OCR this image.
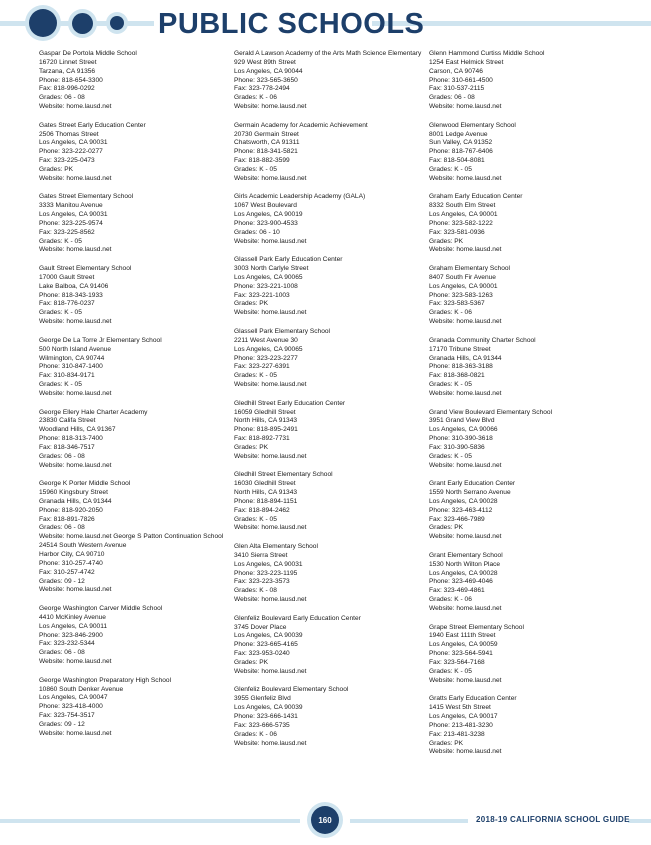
PUBLIC SCHOOLS
Gaspar De Portola Middle School
16720 Linnet Street
Tarzana, CA 91356
Phone: 818-654-3300
Fax: 818-996-0292
Grades: 06 - 08
Website: home.lausd.net
Gates Street Early Education Center
2506 Thomas Street
Los Angeles, CA 90031
Phone: 323-222-0277
Fax: 323-225-0473
Grades: PK
Website: home.lausd.net
Gates Street Elementary School
3333 Manitou Avenue
Los Angeles, CA 90031
Phone: 323-225-9574
Fax: 323-225-8562
Grades: K - 05
Website: home.lausd.net
Gault Street Elementary School
17000 Gault Street
Lake Balboa, CA 91406
Phone: 818-343-1933
Fax: 818-776-0237
Grades: K - 05
Website: home.lausd.net
George De La Torre Jr Elementary School
500 North Island Avenue
Wilmington, CA 90744
Phone: 310-847-1400
Fax: 310-834-9171
Grades: K - 05
Website: home.lausd.net
George Ellery Hale Charter Academy
23830 Califa Street
Woodland Hills, CA 91367
Phone: 818-313-7400
Fax: 818-346-7517
Grades: 06 - 08
Website: home.lausd.net
George K Porter Middle School
15960 Kingsbury Street
Granada Hills, CA 91344
Phone: 818-920-2050
Fax: 818-891-7826
Grades: 06 - 08
Website: home.lausd.net George S Patton Continuation School
24514 South Western Avenue
Harbor City, CA 90710
Phone: 310-257-4740
Fax: 310-257-4742
Grades: 09 - 12
Website: home.lausd.net
George Washington Carver Middle School
4410 McKinley Avenue
Los Angeles, CA 90011
Phone: 323-846-2900
Fax: 323-232-5344
Grades: 06 - 08
Website: home.lausd.net
George Washington Preparatory High School
10860 South Denker Avenue
Los Angeles, CA 90047
Phone: 323-418-4000
Fax: 323-754-3517
Grades: 09 - 12
Website: home.lausd.net
Gerald A Lawson Academy of the Arts Math Science Elementary
929 West 89th Street
Los Angeles, CA 90044
Phone: 323-565-3650
Fax: 323-778-2494
Grades: K - 06
Website: home.lausd.net
Germain Academy for Academic Achievement
20730 Germain Street
Chatsworth, CA 91311
Phone: 818-341-5821
Fax: 818-882-3599
Grades: K - 05
Website: home.lausd.net
Girls Academic Leadership Academy (GALA)
1067 West Boulevard
Los Angeles, CA 90019
Phone: 323-900-4533
Grades: 06 - 10
Website: home.lausd.net
Glassell Park Early Education Center
3003 North Carlyle Street
Los Angeles, CA 90065
Phone: 323-221-1008
Fax: 323-221-1003
Grades: PK
Website: home.lausd.net
Glassell Park Elementary School
2211 West Avenue 30
Los Angeles, CA 90065
Phone: 323-223-2277
Fax: 323-227-6391
Grades: K - 05
Website: home.lausd.net
Gledhill Street Early Education Center
16059 Gledhill Street
North Hills, CA 91343
Phone: 818-895-2491
Fax: 818-892-7731
Grades: PK
Website: home.lausd.net
Gledhill Street Elementary School
16030 Gledhill Street
North Hills, CA 91343
Phone: 818-894-1151
Fax: 818-894-2462
Grades: K - 05
Website: home.lausd.net
Glen Alta Elementary School
3410 Sierra Street
Los Angeles, CA 90031
Phone: 323-223-1195
Fax: 323-223-3573
Grades: K - 08
Website: home.lausd.net
Glenfeliz Boulevard Early Education Center
3745 Dover Place
Los Angeles, CA 90039
Phone: 323-665-4165
Fax: 323-953-0240
Grades: PK
Website: home.lausd.net
Glenfeliz Boulevard Elementary School
3955 Glenfeliz Blvd
Los Angeles, CA 90039
Phone: 323-666-1431
Fax: 323-666-5735
Grades: K - 06
Website: home.lausd.net
Glenn Hammond Curtiss Middle School
1254 East Helmick Street
Carson, CA 90746
Phone: 310-661-4500
Fax: 310-537-2115
Grades: 06 - 08
Website: home.lausd.net
Glenwood Elementary School
8001 Ledge Avenue
Sun Valley, CA 91352
Phone: 818-767-6406
Fax: 818-504-8081
Grades: K - 05
Website: home.lausd.net
Graham Early Education Center
8332 South Elm Street
Los Angeles, CA 90001
Phone: 323-582-1222
Fax: 323-581-0936
Grades: PK
Website: home.lausd.net
Graham Elementary School
8407 South Fir Avenue
Los Angeles, CA 90001
Phone: 323-583-1263
Fax: 323-583-5367
Grades: K - 06
Website: home.lausd.net
Granada Community Charter School
17170 Tribune Street
Granada Hills, CA 91344
Phone: 818-363-3188
Fax: 818-368-0821
Grades: K - 05
Website: home.lausd.net
Grand View Boulevard Elementary School
3951 Grand View Blvd
Los Angeles, CA 90066
Phone: 310-390-3618
Fax: 310-390-5836
Grades: K - 05
Website: home.lausd.net
Grant Early Education Center
1559 North Serrano Avenue
Los Angeles, CA 90028
Phone: 323-463-4112
Fax: 323-466-7989
Grades: PK
Website: home.lausd.net
Grant Elementary School
1530 North Wilton Place
Los Angeles, CA 90028
Phone: 323-469-4046
Fax: 323-469-4861
Grades: K - 06
Website: home.lausd.net
Grape Street Elementary School
1940 East 111th Street
Los Angeles, CA 90059
Phone: 323-564-5941
Fax: 323-564-7168
Grades: K - 05
Website: home.lausd.net
Gratts Early Education Center
1415 West 5th Street
Los Angeles, CA 90017
Phone: 213-481-3230
Fax: 213-481-3238
Grades: PK
Website: home.lausd.net
160	2018-19 CALIFORNIA SCHOOL GUIDE
